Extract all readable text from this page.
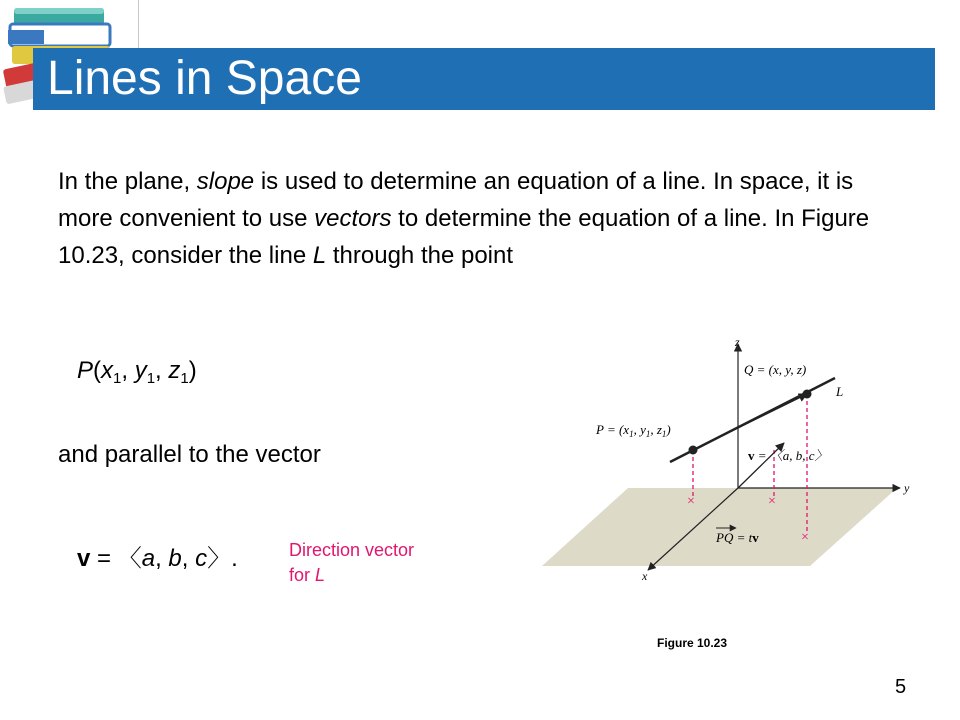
Lines in Space
In the plane, slope is used to determine an equation of a line. In space, it is more convenient to use vectors to determine the equation of a line. In Figure 10.23, consider the line L through the point
$P(x_1$, $y_1$, $z_1$)
and parallel to the vector
v = 〈a, b, c〉.	Direction vector
for L
×	×
×
z
y
x
Q = (x, y, z)
L
$P = (x_1$, $y_1$, $z_1$)
v = 〈a, b, c〉
PQ = tv
Figure 10.23
5
